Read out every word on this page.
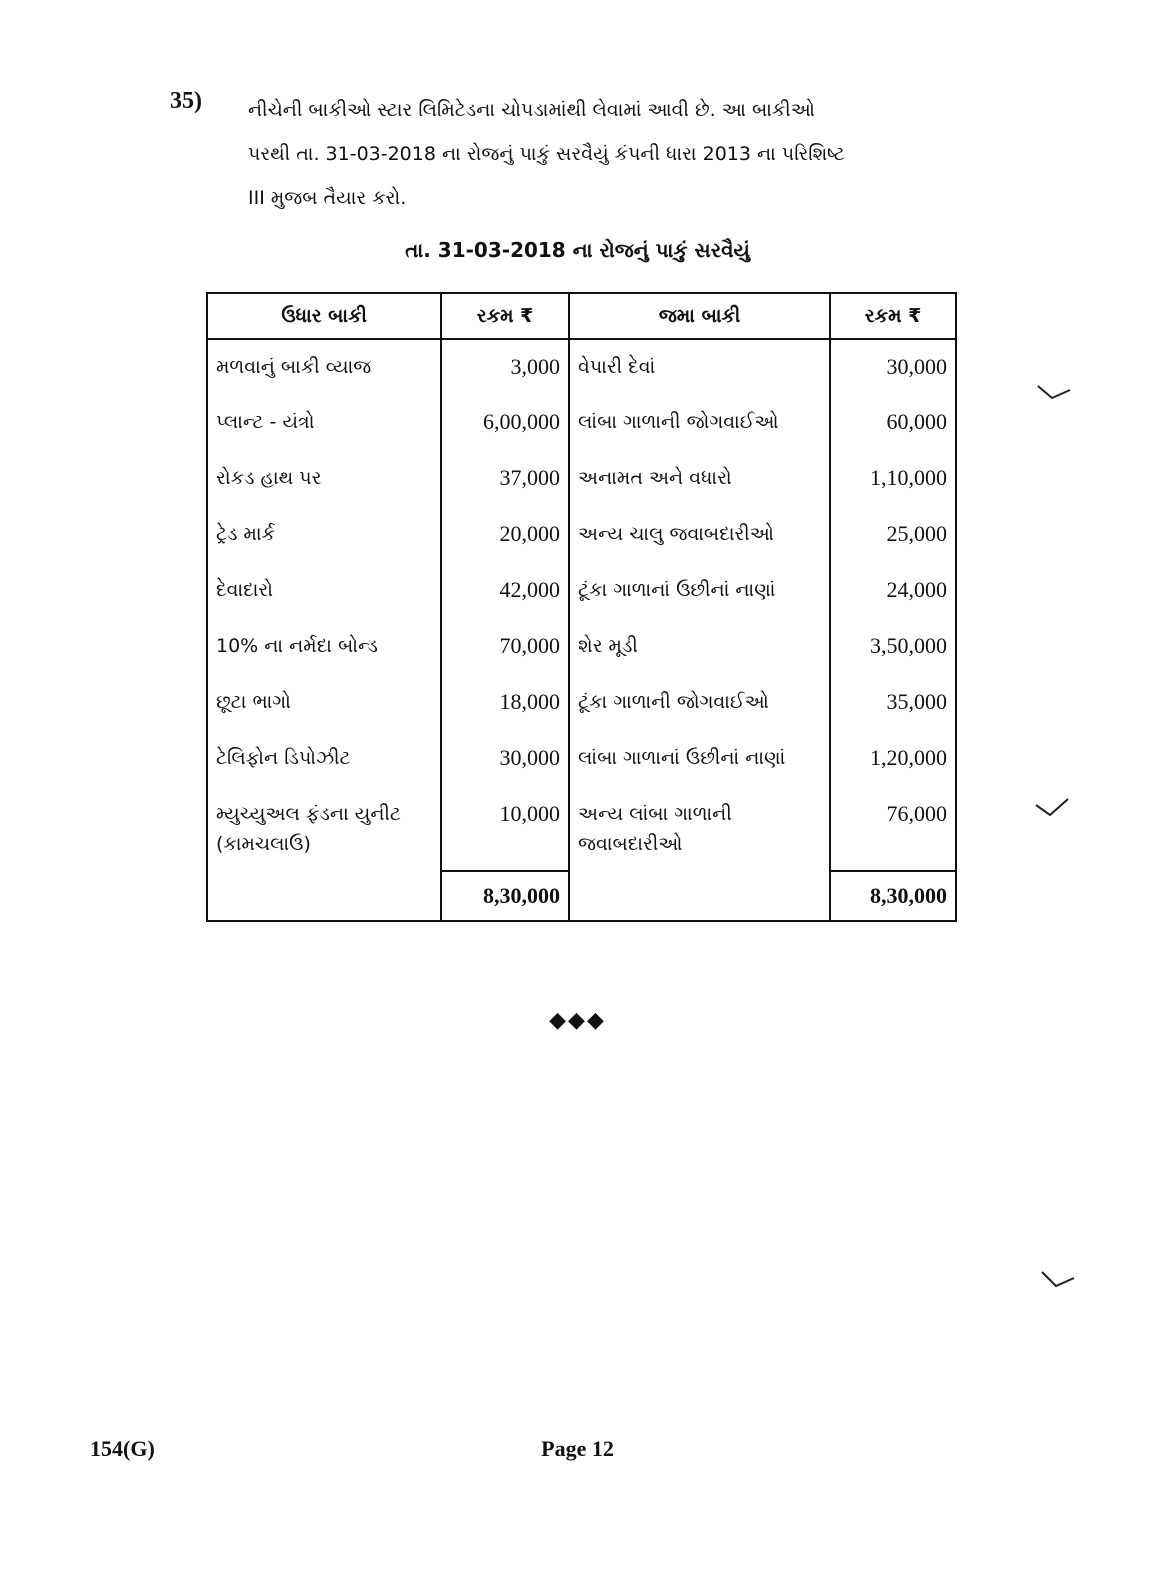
35) નીચેની બાકીઓ સ્ટાર લિમિટેડના ચોપડામાંથી લેવામાં આવી છે. આ બાકીઓ
પરથી તા. 31-03-2018 ના રોજનું પાકું સરવૈયું કંપની ધારા 2013 ના પરિશિષ્ટ
III મુજબ તૈયાર કરો.
તા. 31-03-2018 ના રોજનું પાકું સરવૈયું
ઉધાર બાકી	રકમ ₹	જમા બાકી	રકમ ₹
મળવાનું બાકી વ્યાજ	3,000	વેપારી દેવાં	30,000
પ્લાન્ટ - યંત્રો	6,00,000	લાંબા ગાળાની જોગવાઈઓ	60,000
રોકડ હાથ પર	37,000	અનામત અને વધારો	1,10,000
ટ્રેડ માર્ક	20,000	અન્ય ચાલુ જવાબદારીઓ	25,000
દેવાદારો	42,000	ટૂંકા ગાળાનાં ઉછીનાં નાણાં	24,000
10% ના નર્મદા બોન્ડ	70,000	શેર મૂડી	3,50,000
છૂટા ભાગો	18,000	ટૂંકા ગાળાની જોગવાઈઓ	35,000
ટેલિફોન ડિપોઝીટ	30,000	લાંબા ગાળાનાં ઉછીનાં નાણાં	1,20,000
મ્યુચ્યુઅલ ફંડના યુનીટ (કામચલાઉ)	10,000	અન્ય લાંબા ગાળાની જવાબદારીઓ	76,000
	8,30,000		8,30,000
◆◆◆
154(G)	Page 12
